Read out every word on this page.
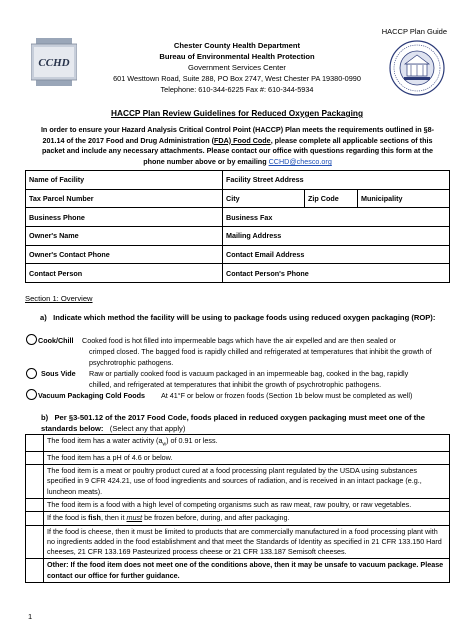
HACCP Plan Guide
CCHD
Chester County Health Department
Bureau of Environmental Health Protection
Government Services Center
601 Westtown Road, Suite 288, PO Box 2747, West Chester PA 19380-0990
Telephone: 610-344-6225 Fax #: 610-344-5934
HACCP Plan Review Guidelines for Reduced Oxygen Packaging
In order to ensure your Hazard Analysis Critical Control Point (HACCP) Plan meets the requirements outlined in §8-201.14 of the 2017 Food and Drug Administration (FDA) Food Code, please complete all applicable sections of this packet and include any necessary attachments. Please contact our office with questions regarding this form at the phone number above or by emailing CCHD@chesco.org
Name of Facility	Facility Street Address		
Tax Parcel Number	City	Zip Code	Municipality
Business Phone	Business Fax		
Owner's Name	Mailing Address		
Owner's Contact Phone	Contact Email Address		
Contact Person	Contact Person's Phone		
Section 1: Overview
a)   Indicate which method the facility will be using to package foods using reduced oxygen packaging (ROP):
Cook/Chill Cooked food is hot filled into impermeable bags which have the air expelled and are then sealed or
crimped closed. The bagged food is rapidly chilled and refrigerated at temperatures that inhibit the growth of psychrotrophic pathogens.
Sous Vide Raw or partially cooked food is vacuum packaged in an impermeable bag, cooked in the bag, rapidly
chilled, and refrigerated at temperatures that inhibit the growth of psychrotrophic pathogens.
Vacuum Packaging Cold Foods At 41°F or below or frozen foods (Section 1b below must be completed as well)
b)   Per §3-501.12 of the 2017 Food Code, foods placed in reduced oxygen packaging must meet one of the standards below: (Select any that apply)
	The food item has a water activity $(a_w)$ of 0.91 or less.
	The food item has a pH of 4.6 or below.
	The food item is a meat or poultry product cured at a food processing plant regulated by the USDA using substances specified in 9 CFR 424.21, use of food ingredients and sources of radiation, and is received in an intact package (e.g., luncheon meats).
	The food item is a food with a high level of competing organisms such as raw meat, raw poultry, or raw vegetables.
	If the food is fish, then it must be frozen before, during, and after packaging.
	If the food is cheese, then it must be limited to products that are commercially manufactured in a food processing plant with no ingredients added in the food establishment and that meet the Standards of Identity as specified in 21 CFR 133.150 Hard cheeses, 21 CFR 133.169 Pasteurized process cheese or 21 CFR 133.187 Semisoft cheeses.
	Other: If the food item does not meet one of the conditions above, then it may be unsafe to vacuum package. Please contact our office for further guidance.
1
